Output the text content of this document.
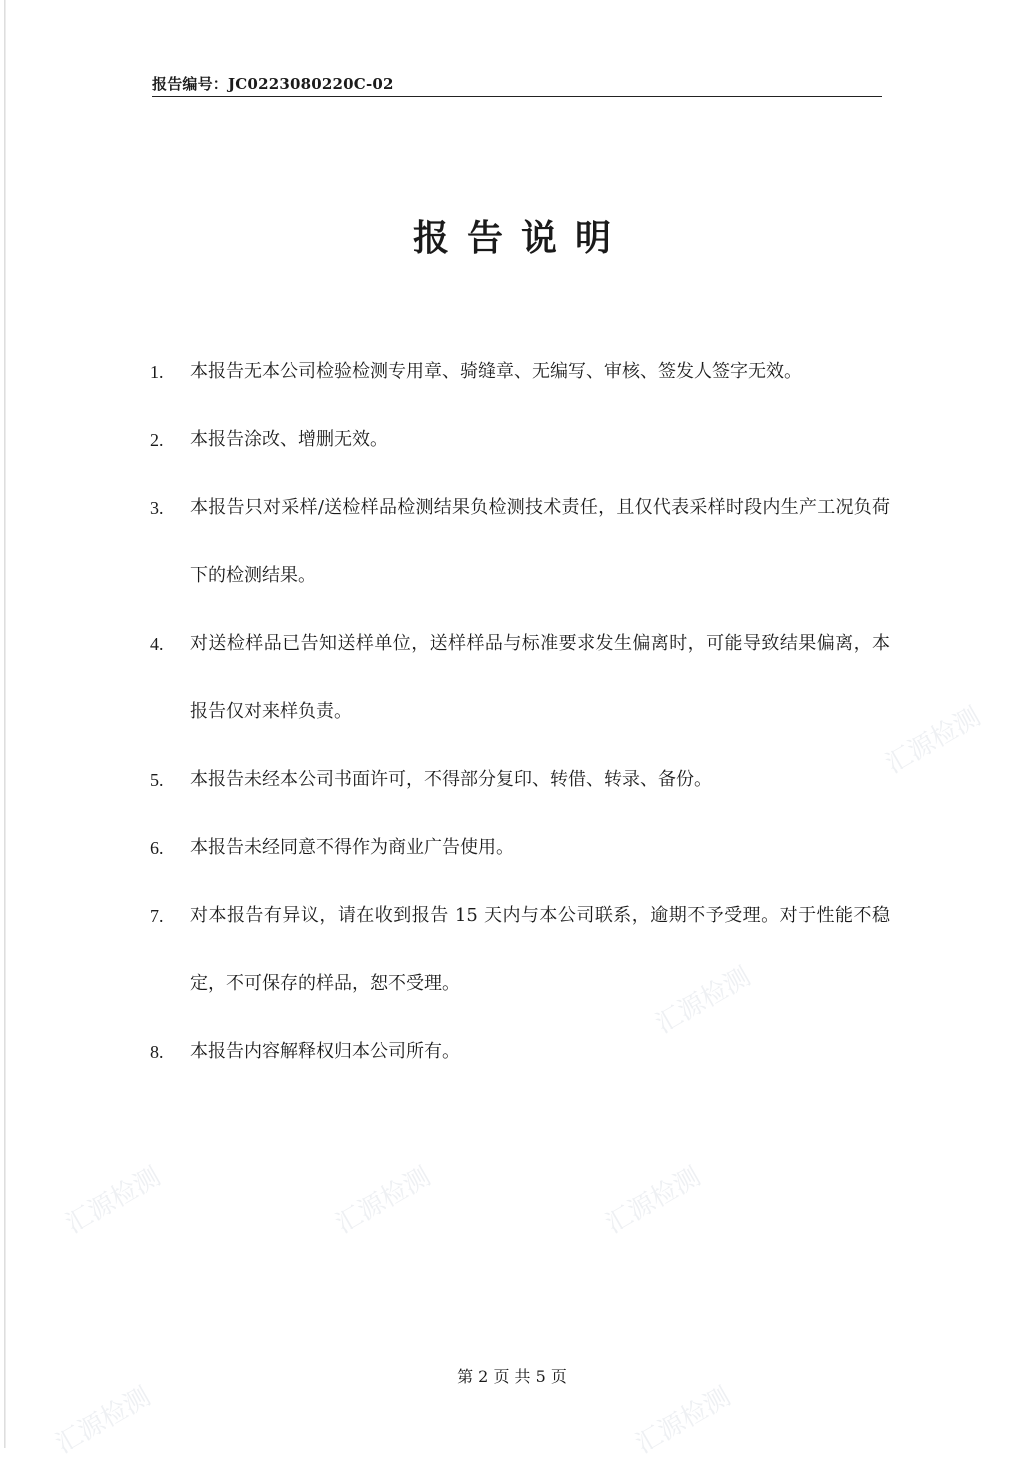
汇源检测
汇源检测
汇源检测
汇源检测
汇源检测
汇源检测
汇源检测
报告编号：JC0223080220C-02
报告说明
1. 本报告无本公司检验检测专用章、骑缝章、无编写、审核、签发人签字无效。
2. 本报告涂改、增删无效。
3. 本报告只对采样/送检样品检测结果负检测技术责任，且仅代表采样时段内生产工况负荷下的检测结果。
4. 对送检样品已告知送样单位，送样样品与标准要求发生偏离时，可能导致结果偏离，本报告仅对来样负责。
5. 本报告未经本公司书面许可，不得部分复印、转借、转录、备份。
6. 本报告未经同意不得作为商业广告使用。
7. 对本报告有异议，请在收到报告 15 天内与本公司联系，逾期不予受理。对于性能不稳定，不可保存的样品，恕不受理。
8. 本报告内容解释权归本公司所有。
第 2 页 共 5 页
